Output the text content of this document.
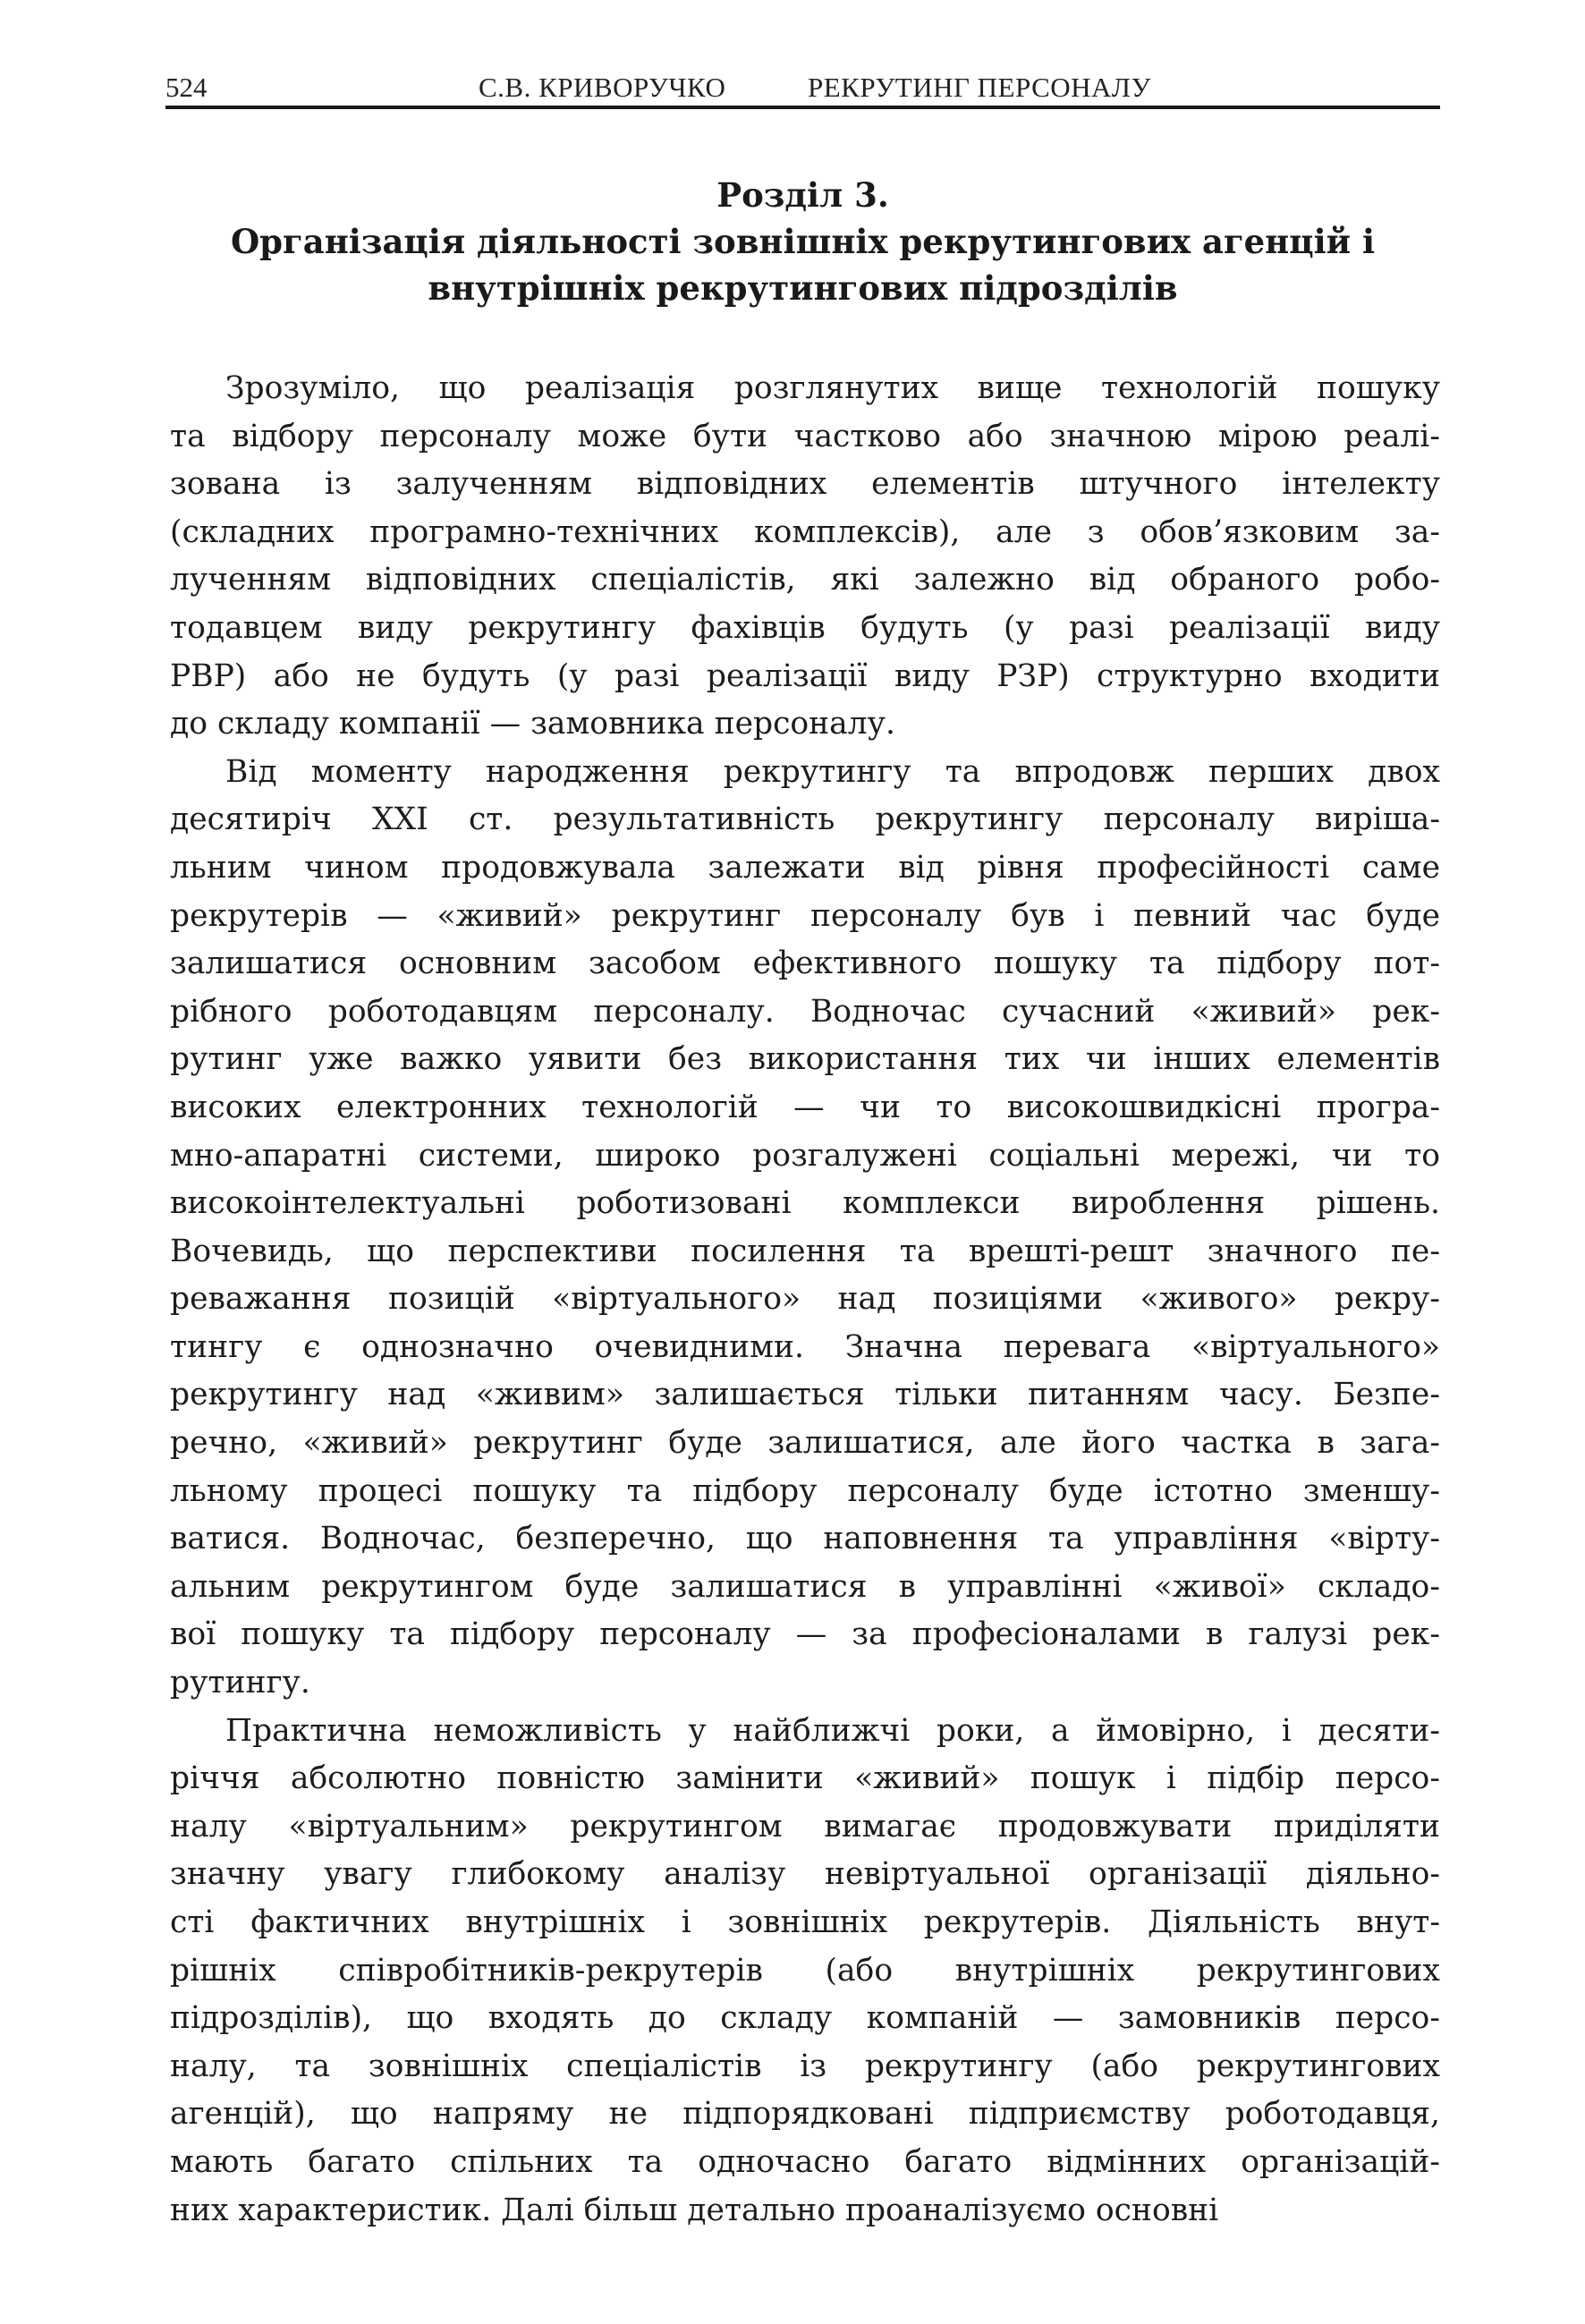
524	С.В. КРИВОРУЧКО	РЕКРУТИНГ ПЕРСОНАЛУ
Розділ 3.
Організація діяльності зовнішніх рекрутингових агенцій і
внутрішніх рекрутингових підрозділів
Зрозуміло, що реалізація розглянутих вище технологій пошуку
та відбору персоналу може бути частково або значною мірою реалі-
зована із залученням відповідних елементів штучного інтелекту
(складних програмно-технічних комплексів), але з обов’язковим за-
лученням відповідних спеціалістів, які залежно від обраного робо-
тодавцем виду рекрутингу фахівців будуть (у разі реалізації виду
РВР) або не будуть (у разі реалізації виду РЗР) структурно входити
до складу компанії — замовника персоналу.
Від моменту народження рекрутингу та впродовж перших двох
десятиріч XXI ст. результативність рекрутингу персоналу виріша-
льним чином продовжувала залежати від рівня професійності саме
рекрутерів — «живий» рекрутинг персоналу був і певний час буде
залишатися основним засобом ефективного пошуку та підбору пот-
рібного роботодавцям персоналу. Водночас сучасний «живий» рек-
рутинг уже важко уявити без використання тих чи інших елементів
високих електронних технологій — чи то високошвидкісні програ-
мно-апаратні системи, широко розгалужені соціальні мережі, чи то
високоінтелектуальні роботизовані комплекси вироблення рішень.
Вочевидь, що перспективи посилення та врешті-решт значного пе-
реважання позицій «віртуального» над позиціями «живого» рекру-
тингу є однозначно очевидними. Значна перевага «віртуального»
рекрутингу над «живим» залишається тільки питанням часу. Безпе-
речно, «живий» рекрутинг буде залишатися, але його частка в зага-
льному процесі пошуку та підбору персоналу буде істотно зменшу-
ватися. Водночас, безперечно, що наповнення та управління «вірту-
альним рекрутингом буде залишатися в управлінні «живої» складо-
вої пошуку та підбору персоналу — за професіоналами в галузі рек-
рутингу.
Практична неможливість у найближчі роки, а ймовірно, і десяти-
річчя абсолютно повністю замінити «живий» пошук і підбір персо-
налу «віртуальним» рекрутингом вимагає продовжувати приділяти
значну увагу глибокому аналізу невіртуальної організації діяльно-
сті фактичних внутрішніх і зовнішніх рекрутерів. Діяльність внут-
рішніх співробітників-рекрутерів (або внутрішніх рекрутингових
підрозділів), що входять до складу компаній — замовників персо-
налу, та зовнішніх спеціалістів із рекрутингу (або рекрутингових
агенцій), що напряму не підпорядковані підприємству роботодавця,
мають багато спільних та одночасно багато відмінних організацій-
них характеристик. Далі більш детально проаналізуємо основні
